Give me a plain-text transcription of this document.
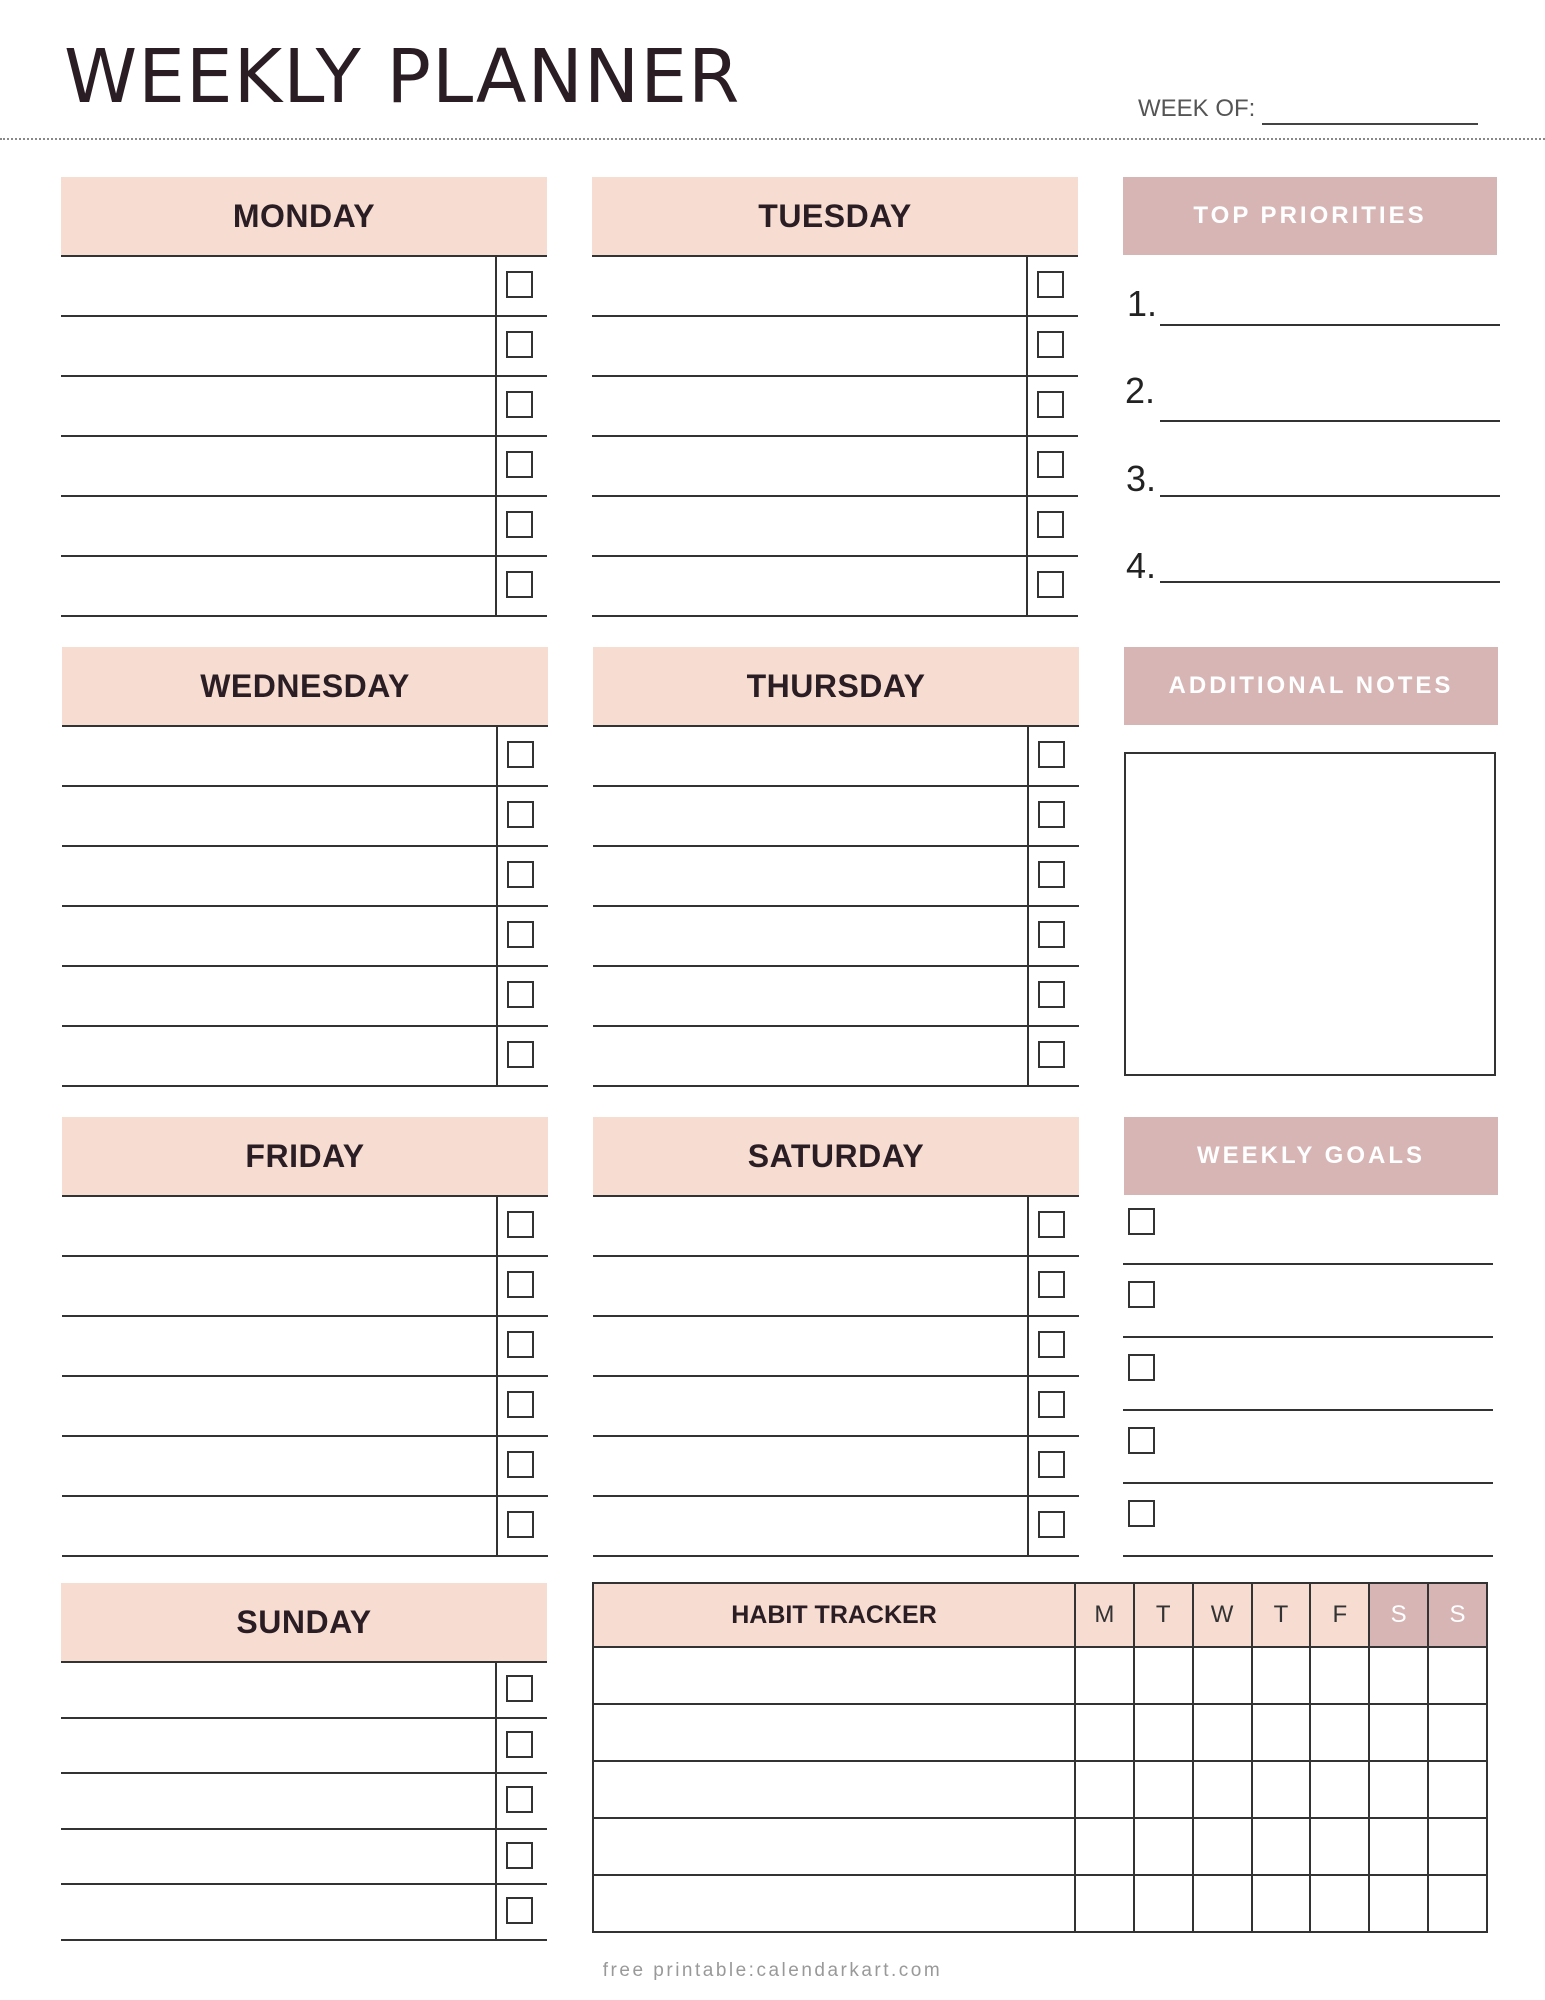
WEEKLY PLANNER	WEEK OF:
MONDAY	TUESDAY
WEDNESDAY	THURSDAY
FRIDAY	SATURDAY
SUNDAY
TOP PRIORITIES
1.
2.
3.
4.
ADDITIONAL NOTES
WEEKLY GOALS
HABIT TRACKER	M	T	W	T	F	S	S

free printable:calendarkart.com
